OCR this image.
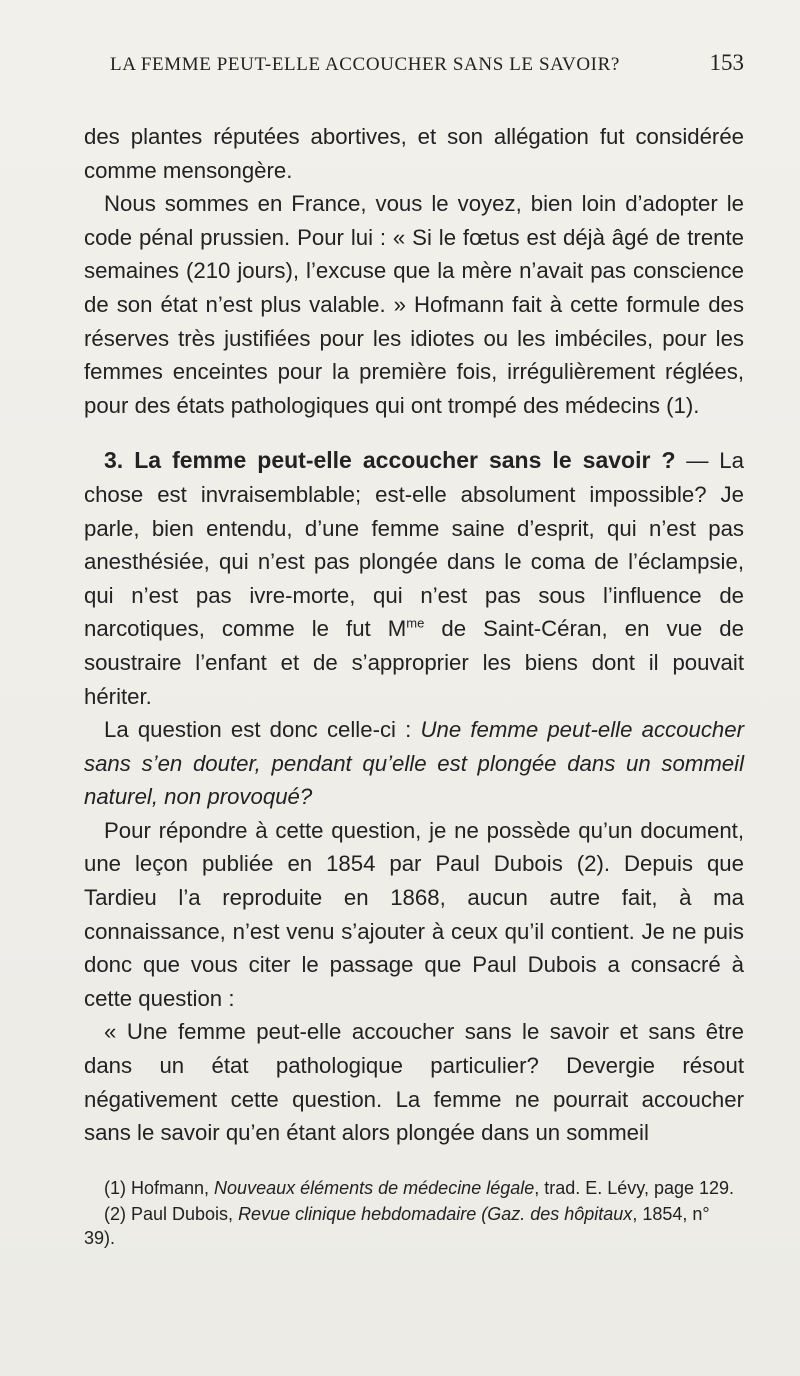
LA FEMME PEUT-ELLE ACCOUCHER SANS LE SAVOIR?	153

des plantes réputées abortives, et son allégation fut considérée comme mensongère.

Nous sommes en France, vous le voyez, bien loin d’adopter le code pénal prussien. Pour lui : « Si le fœtus est déjà âgé de trente semaines (210 jours), l’excuse que la mère n’avait pas conscience de son état n’est plus valable. » Hofmann fait à cette formule des réserves très justifiées pour les idiotes ou les imbéciles, pour les femmes enceintes pour la première fois, irrégulièrement réglées, pour des états pathologiques qui ont trompé des médecins (1).

3. La femme peut-elle accoucher sans le savoir ? — La chose est invraisemblable; est-elle absolument impossible? Je parle, bien entendu, d’une femme saine d’esprit, qui n’est pas anesthésiée, qui n’est pas plongée dans le coma de l’éclampsie, qui n’est pas ivre-morte, qui n’est pas sous l’influence de narcotiques, comme le fut $M^{me}$ de Saint-Céran, en vue de soustraire l’enfant et de s’approprier les biens dont il pouvait hériter.

La question est donc celle-ci : Une femme peut-elle accoucher sans s’en douter, pendant qu’elle est plongée dans un sommeil naturel, non provoqué?

Pour répondre à cette question, je ne possède qu’un document, une leçon publiée en 1854 par Paul Dubois (2). Depuis que Tardieu l’a reproduite en 1868, aucun autre fait, à ma connaissance, n’est venu s’ajouter à ceux qu’il contient. Je ne puis donc que vous citer le passage que Paul Dubois a consacré à cette question :

« Une femme peut-elle accoucher sans le savoir et sans être dans un état pathologique particulier? Devergie résout négativement cette question. La femme ne pourrait accoucher sans le savoir qu’en étant alors plongée dans un sommeil

(1) Hofmann, Nouveaux éléments de médecine légale, trad. E. Lévy, page 129.

(2) Paul Dubois, Revue clinique hebdomadaire (Gaz. des hôpitaux, 1854, n° 39).
